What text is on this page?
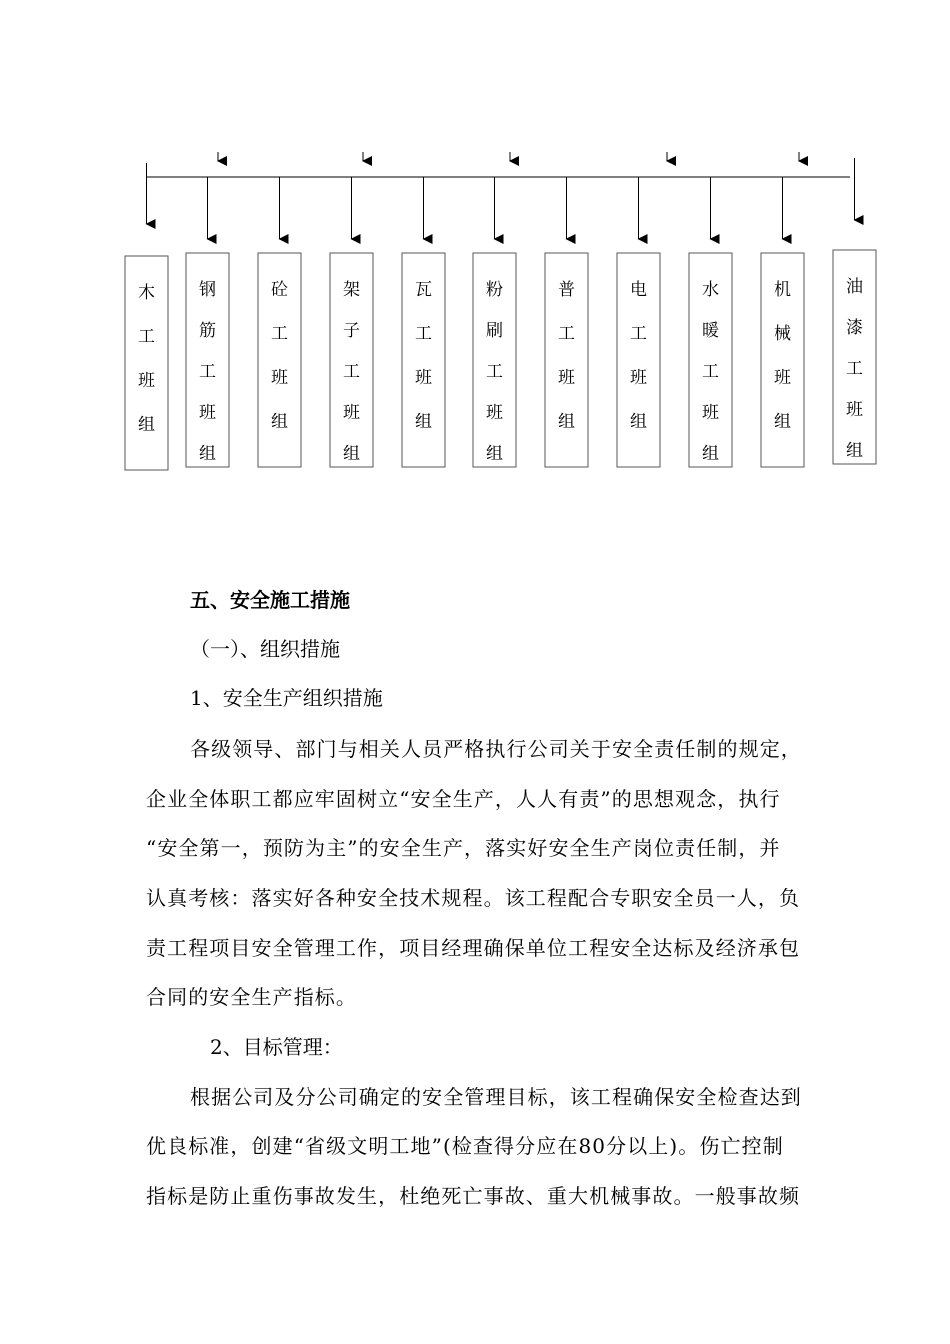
木工班组
钢筋工班组
砼工班组
架子工班组
瓦工班组
粉刷工班组
普工班组
电工班组
水暖工班组
机械班组
油漆工班组
五、安全施工措施
（一）、组织措施
1、安全生产组织措施
各级领导、部门与相关人员严格执行公司关于安全责任制的规定，
企业全体职工都应牢固树立“安全生产，人人有责”的思想观念，执行
“安全第一，预防为主”的安全生产，落实好安全生产岗位责任制，并
认真考核：落实好各种安全技术规程。该工程配合专职安全员一人，负
责工程项目安全管理工作，项目经理确保单位工程安全达标及经济承包
合同的安全生产指标。
2、目标管理：
根据公司及分公司确定的安全管理目标，该工程确保安全检查达到
优良标准，创建“省级文明工地”(检查得分应在80分以上)。伤亡控制
指标是防止重伤事故发生，杜绝死亡事故、重大机械事故。一般事故频
